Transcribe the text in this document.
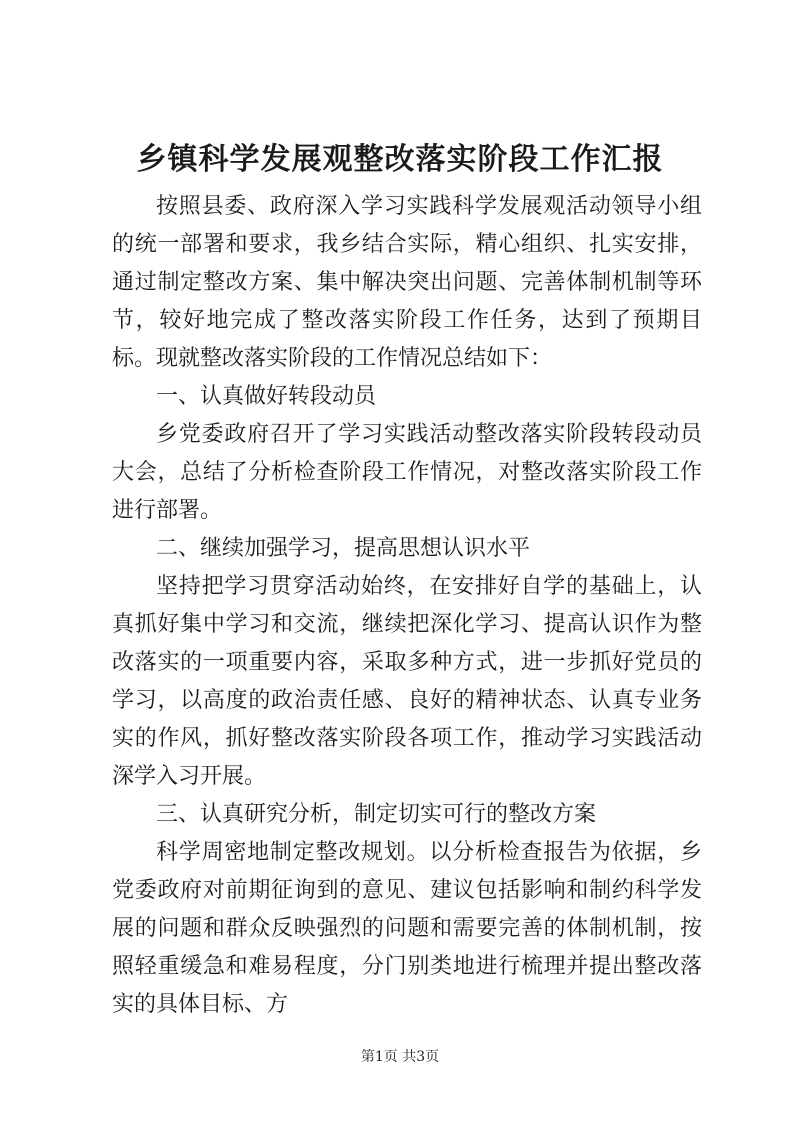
乡镇科学发展观整改落实阶段工作汇报

按照县委、政府深入学习实践科学发展观活动领导小组的统一部署和要求，我乡结合实际，精心组织、扎实安排，通过制定整改方案、集中解决突出问题、完善体制机制等环节，较好地完成了整改落实阶段工作任务，达到了预期目标。现就整改落实阶段的工作情况总结如下：

一、认真做好转段动员

乡党委政府召开了学习实践活动整改落实阶段转段动员大会，总结了分析检查阶段工作情况，对整改落实阶段工作进行部署。

二、继续加强学习，提高思想认识水平

坚持把学习贯穿活动始终，在安排好自学的基础上，认真抓好集中学习和交流，继续把深化学习、提高认识作为整改落实的一项重要内容，采取多种方式，进一步抓好党员的学习，以高度的政治责任感、良好的精神状态、认真专业务实的作风，抓好整改落实阶段各项工作，推动学习实践活动深学入习开展。

三、认真研究分析，制定切实可行的整改方案

科学周密地制定整改规划。以分析检查报告为依据，乡党委政府对前期征询到的意见、建议包括影响和制约科学发展的问题和群众反映强烈的问题和需要完善的体制机制，按照轻重缓急和难易程度，分门别类地进行梳理并提出整改落实的具体目标、方

第1页 共3页
